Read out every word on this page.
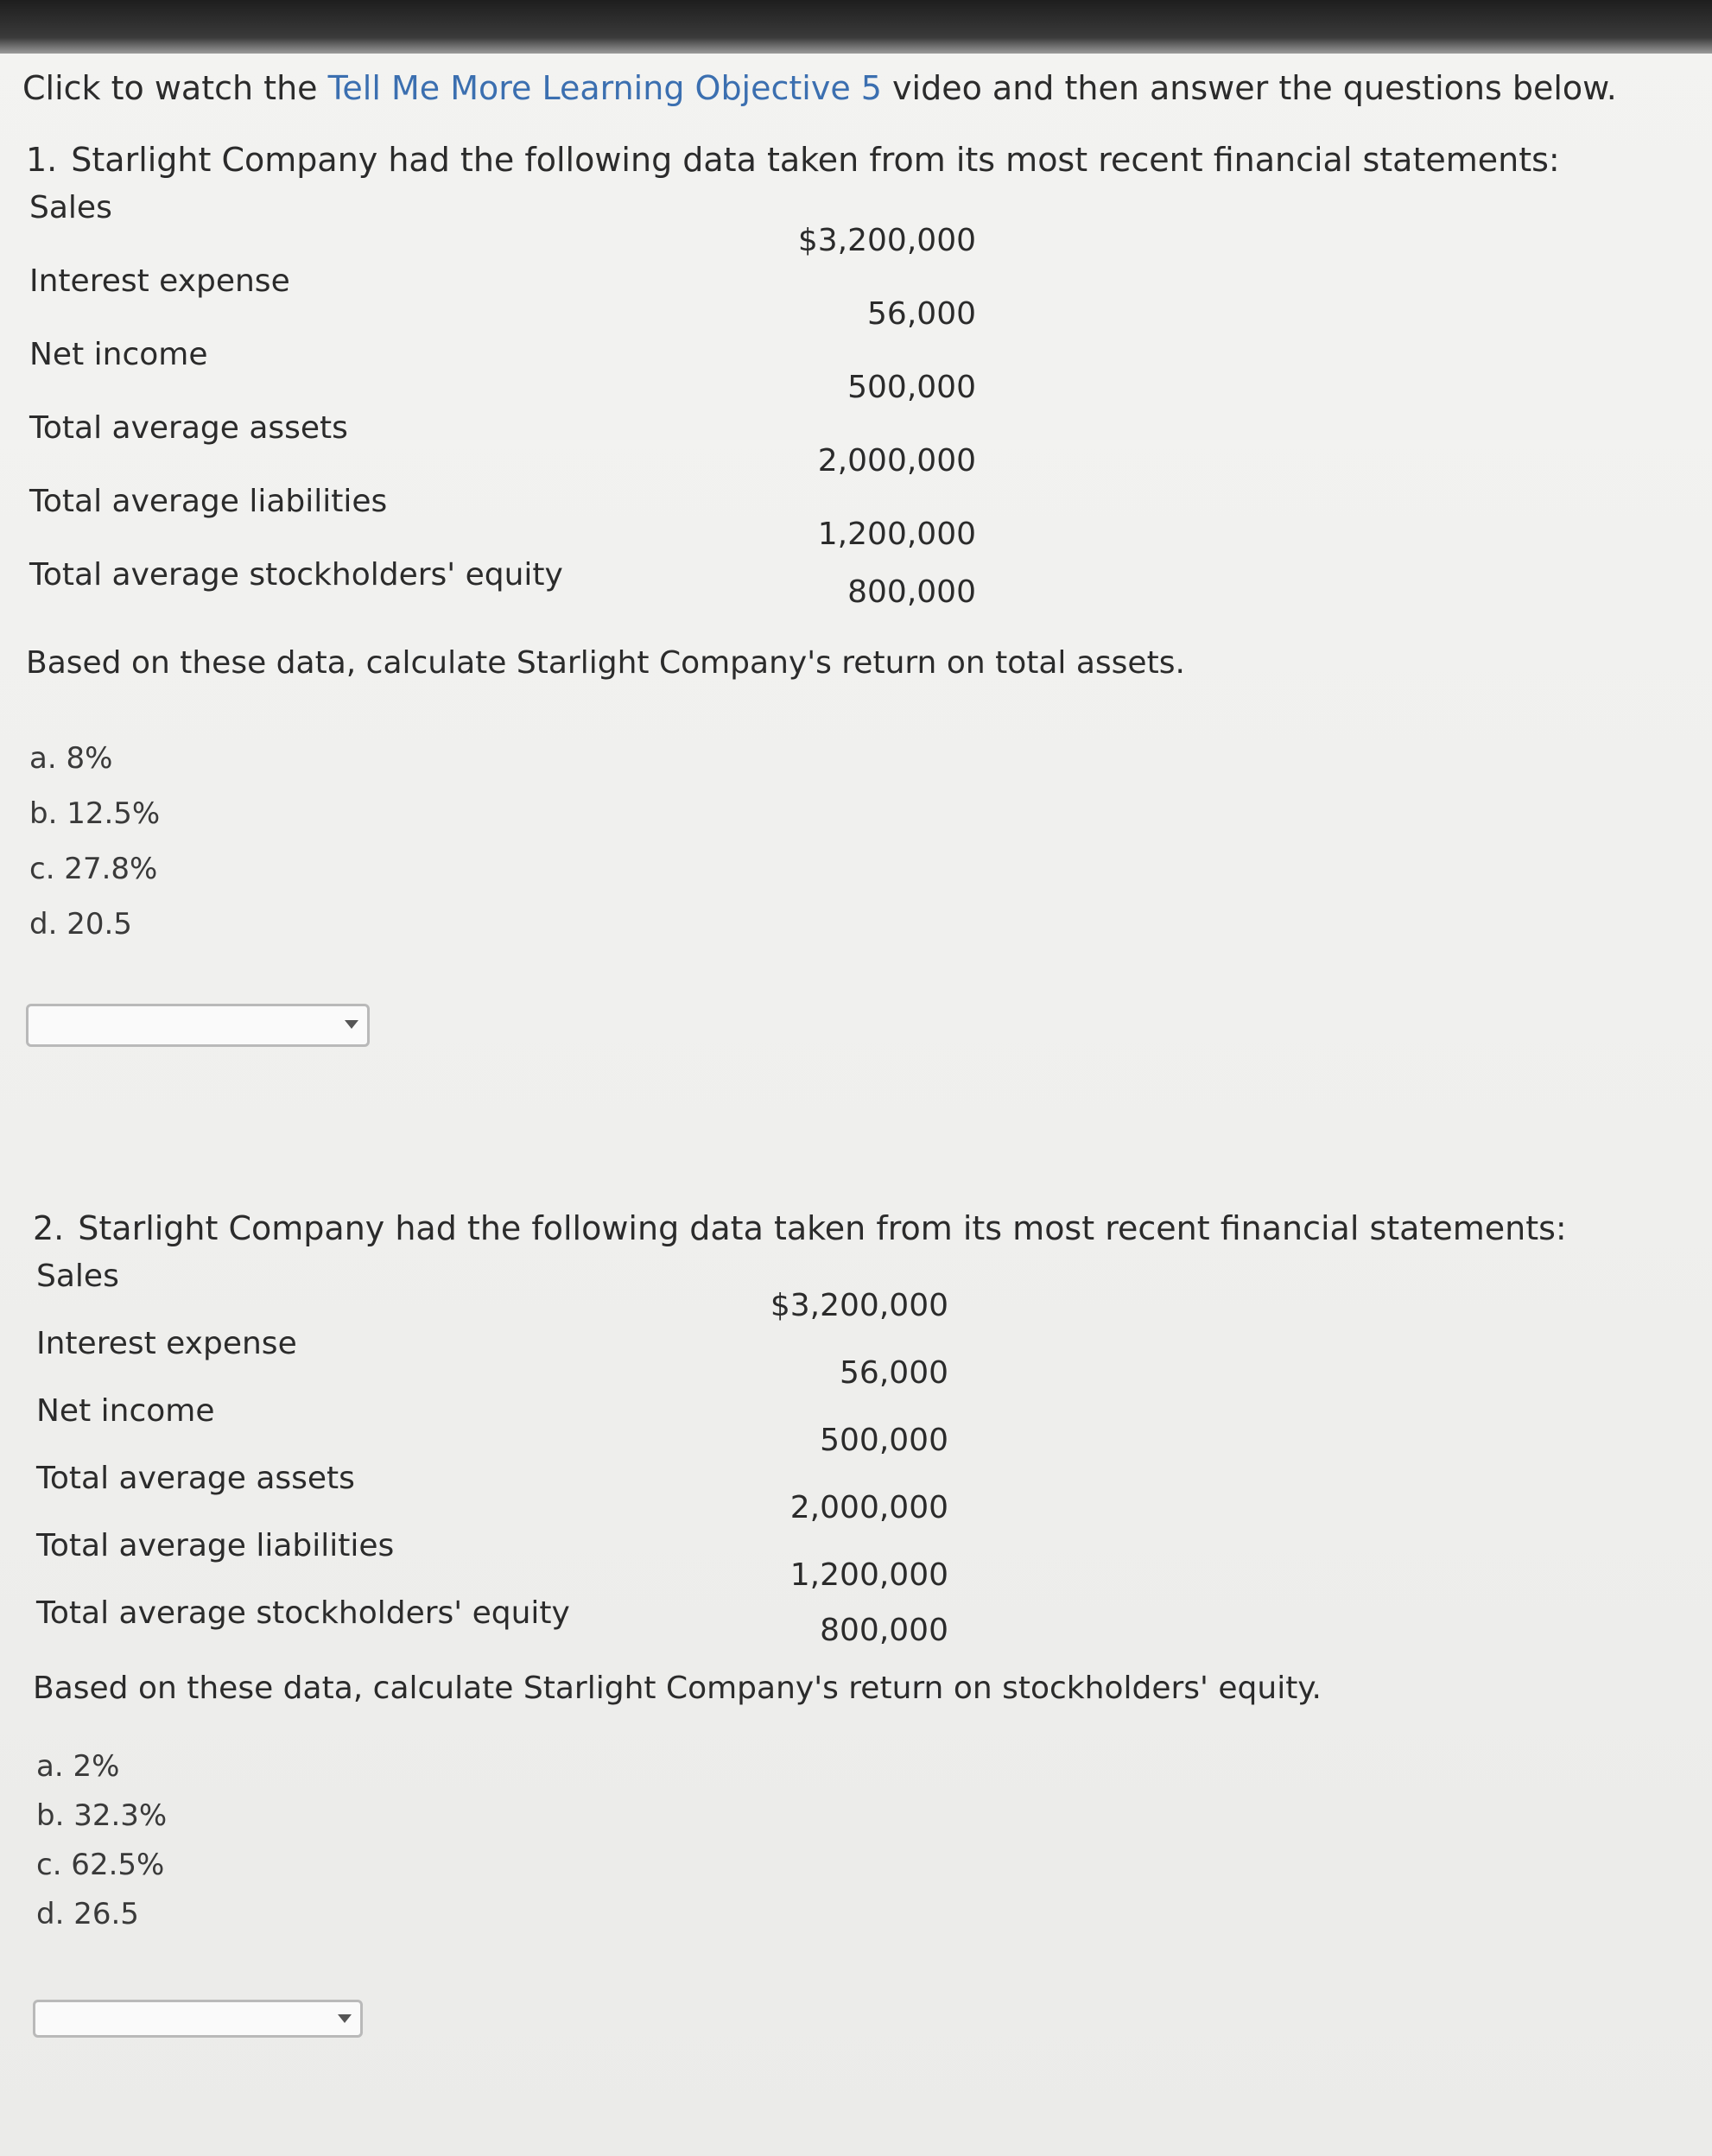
Click to watch the Tell Me More Learning Objective 5 video and then answer the questions below.
1. Starlight Company had the following data taken from its most recent financial statements:
Sales
$3,200,000
Interest expense
56,000
Net income
500,000
Total average assets
2,000,000
Total average liabilities
1,200,000
Total average stockholders' equity	800,000
Based on these data, calculate Starlight Company's return on total assets.
a. 8%
b. 12.5%
c. 27.8%
d. 20.5
2. Starlight Company had the following data taken from its most recent financial statements:
Sales
$3,200,000
Interest expense
56,000
Net income
500,000
Total average assets
2,000,000
Total average liabilities
1,200,000
Total average stockholders' equity	800,000
Based on these data, calculate Starlight Company's return on stockholders' equity.
a. 2%
b. 32.3%
c. 62.5%
d. 26.5
